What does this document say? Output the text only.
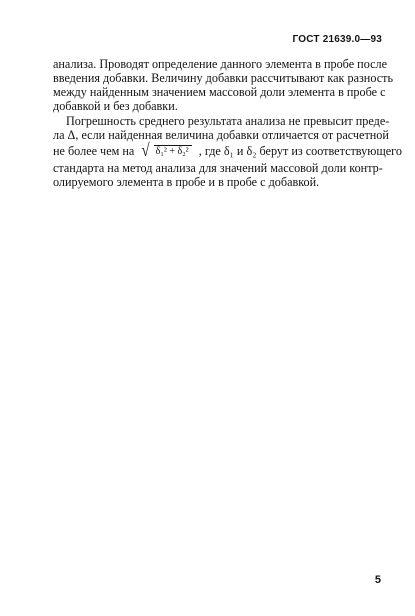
ГОСТ 21639.0—93
анализа. Проводят определение данного элемента в пробе после
введения добавки. Величину добавки рассчитывают как разность
между найденным значением массовой доли элемента в пробе с
добавкой и без добавки.
Погрешность среднего результата анализа не превысит преде-
ла Δ, если найденная величина добавки отличается от расчетной
не более чем на √ δ₁² + δ₂² , где δ₁ и δ₂ берут из соответствующего
стандарта на метод анализа для значений массовой доли контр-
олируемого элемента в пробе и в пробе с добавкой.
5
